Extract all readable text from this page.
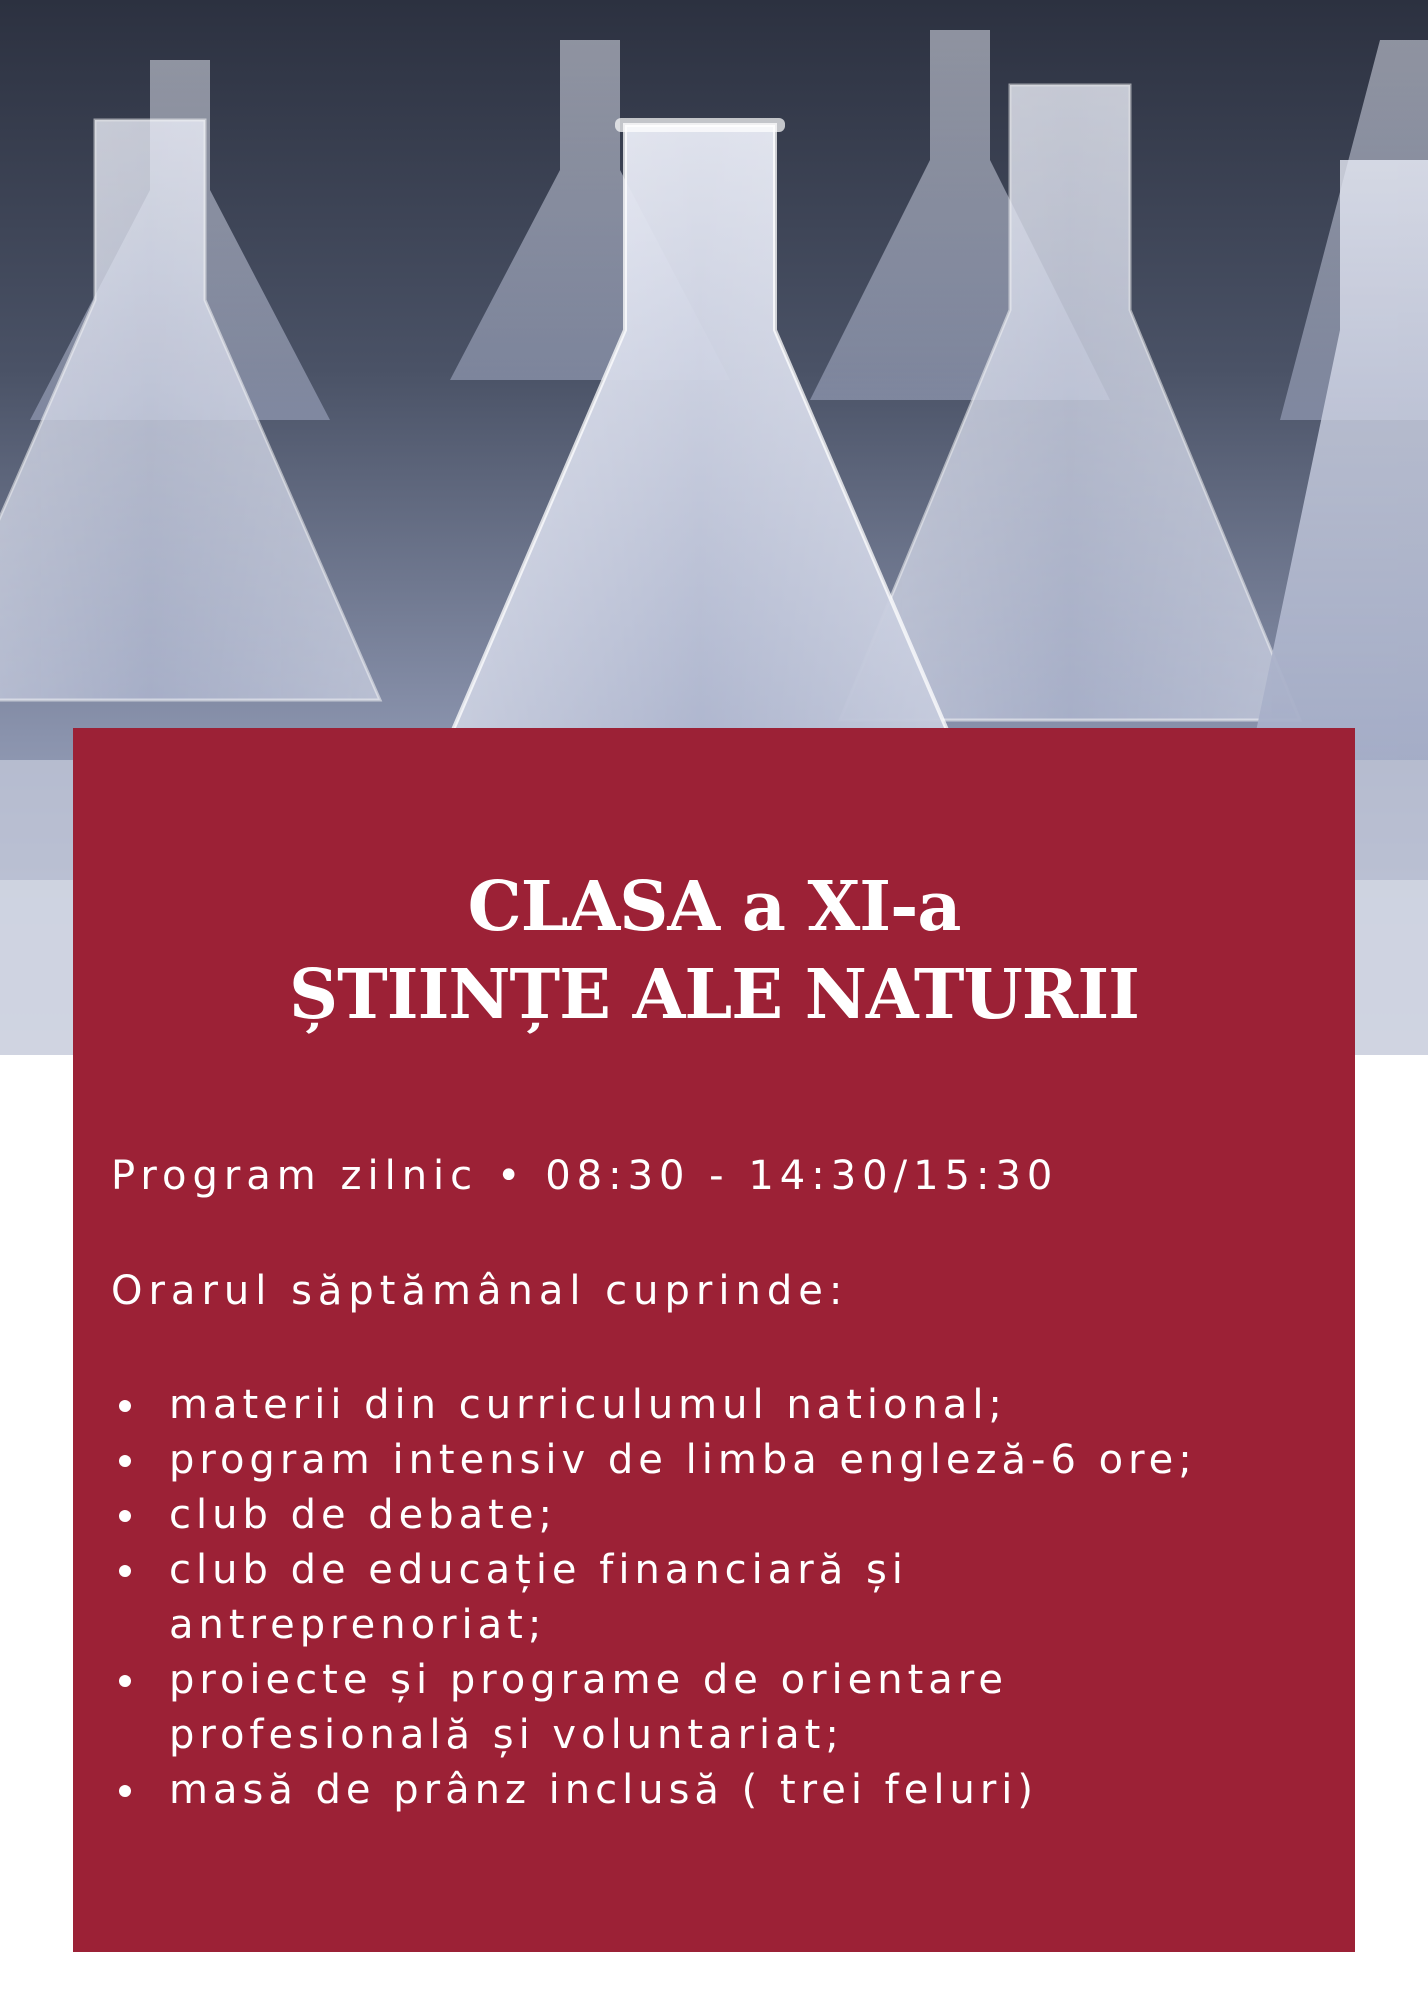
CLASA a XI-a
ȘTIINȚE ALE NATURII
Program zilnic • 08:30 - 14:30/15:30
Orarul săptămânal cuprinde:
materii din curriculumul national;
program intensiv de limba engleză-6 ore;
club de debate;
club de educație financiară și
antreprenoriat;
proiecte și programe de orientare
profesională și voluntariat;
masă de prânz inclusă ( trei feluri)
